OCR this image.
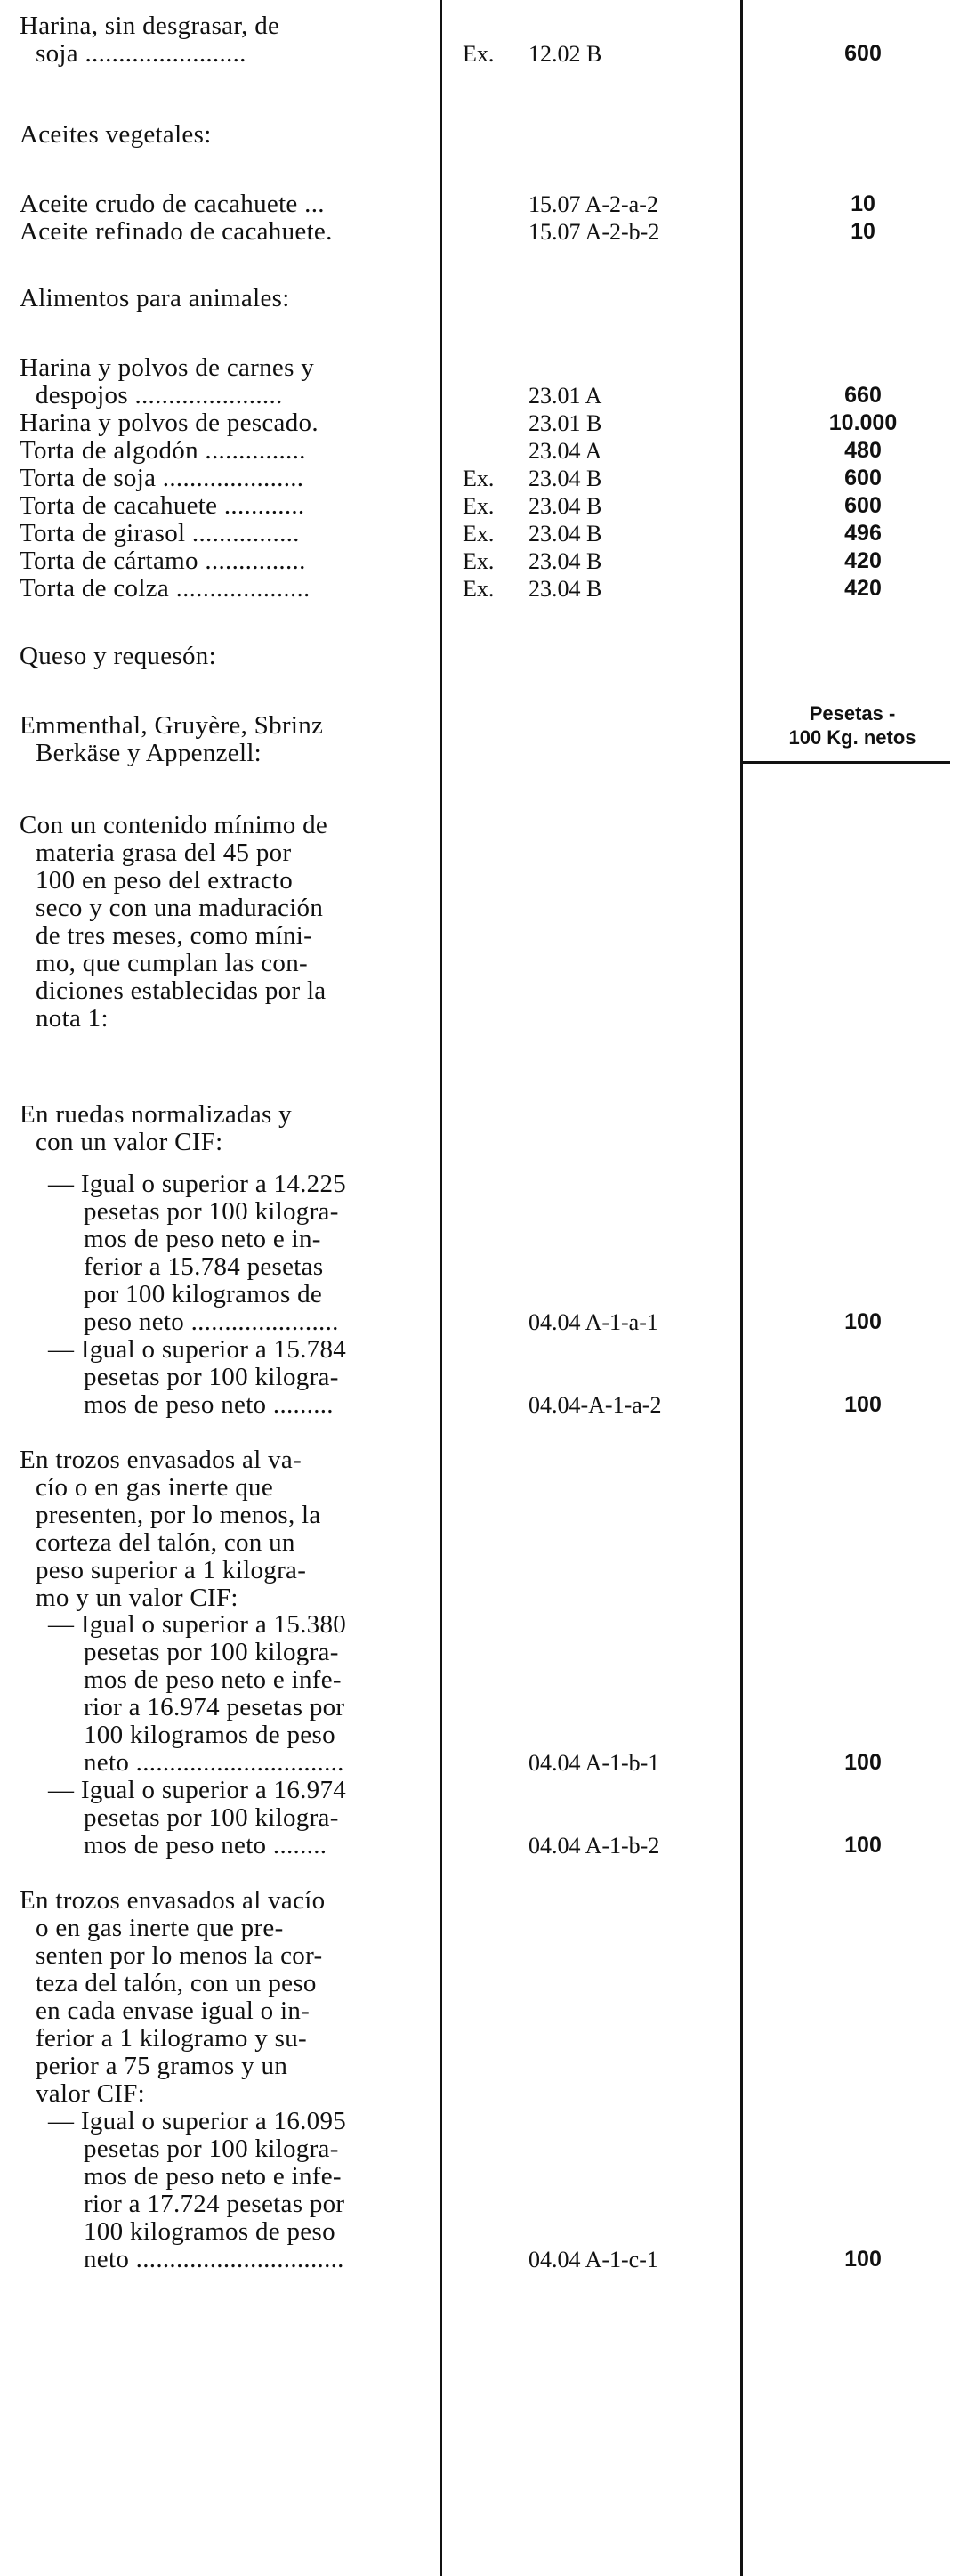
Pesetas -
100 Kg. netos
Harina, sin desgrasar, de
soja ........................	Ex. 12.02 B	600
Aceites vegetales:
Aceite crudo de cacahuete ...	15.07 A-2-a-2	10
Aceite refinado de cacahuete.	15.07 A-2-b-2	10
Alimentos para animales:
Harina y polvos de carnes y
despojos ......................	23.01 A	660
Harina y polvos de pescado.	23.01 B	10.000
Torta de algodón ...............	23.04 A	480
Torta de soja .....................	Ex. 23.04 B	600
Torta de cacahuete ............	Ex. 23.04 B	600
Torta de girasol ................	Ex. 23.04 B	496
Torta de cártamo ...............	Ex. 23.04 B	420
Torta de colza ....................	Ex. 23.04 B	420
Queso y requesón:
Emmenthal, Gruyère, Sbrinz
Berkäse y Appenzell:
Con un contenido mínimo de
materia grasa del 45 por
100 en peso del extracto
seco y con una maduración
de tres meses, como míni-
mo, que cumplan las con-
diciones establecidas por la
nota 1:
En ruedas normalizadas y
con un valor CIF:
— Igual o superior a 14.225
pesetas por 100 kilogra-
mos de peso neto e in-
ferior a 15.784 pesetas
por 100 kilogramos de
peso neto ......................	04.04 A-1-a-1	100
— Igual o superior a 15.784
pesetas por 100 kilogra-
mos de peso neto .........	04.04-A-1-a-2	100
En trozos envasados al va-
cío o en gas inerte que
presenten, por lo menos, la
corteza del talón, con un
peso superior a 1 kilogra-
mo y un valor CIF:
— Igual o superior a 15.380
pesetas por 100 kilogra-
mos de peso neto e infe-
rior a 16.974 pesetas por
100 kilogramos de peso
neto ...............................	04.04 A-1-b-1	100
— Igual o superior a 16.974
pesetas por 100 kilogra-
mos de peso neto ........	04.04 A-1-b-2	100
En trozos envasados al vacío
o en gas inerte que pre-
senten por lo menos la cor-
teza del talón, con un peso
en cada envase igual o in-
ferior a 1 kilogramo y su-
perior a 75 gramos y un
valor CIF:
— Igual o superior a 16.095
pesetas por 100 kilogra-
mos de peso neto e infe-
rior a 17.724 pesetas por
100 kilogramos de peso
neto ...............................	04.04 A-1-c-1	100
